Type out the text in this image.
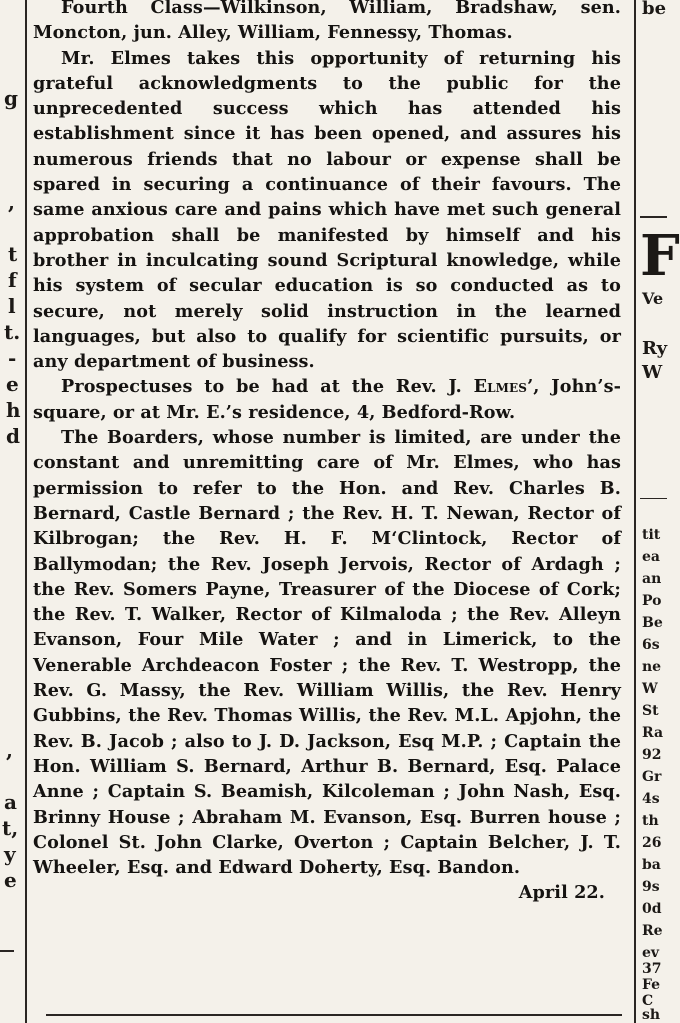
g
,
t
f
l
t.
-
e
h
d
,
a
t,
y
e

Fourth Class—Wilkinson, William, Bradshaw, sen. Moncton, jun. Alley, William, Fennessy, Thomas.

Mr. Elmes takes this opportunity of returning his grateful acknowledgments to the public for the unprecedented success which has attended his establishment since it has been opened, and assures his numerous friends that no labour or expense shall be spared in securing a continuance of their favours. The same anxious care and pains which have met such general approbation shall be manifested by himself and his brother in inculcating sound Scriptural knowledge, while his system of secular education is so conducted as to secure, not merely solid instruction in the learned languages, but also to qualify for scientific pursuits, or any department of business.

Prospectuses to be had at the Rev. J. Elmes’, John’s-square, or at Mr. E.’s residence, 4, Bedford-Row.

The Boarders, whose number is limited, are under the constant and unremitting care of Mr. Elmes, who has permission to refer to the Hon. and Rev. Charles B. Bernard, Castle Bernard ; the Rev. H. T. Newan, Rector of Kilbrogan; the Rev. H. F. M‘Clintock, Rector of Ballymodan; the Rev. Joseph Jervois, Rector of Ardagh ; the Rev. Somers Payne, Treasurer of the Diocese of Cork; the Rev. T. Walker, Rector of Kilmaloda ; the Rev. Alleyn Evanson, Four Mile Water ; and in Limerick, to the Venerable Archdeacon Foster ; the Rev. T. Westropp, the Rev. G. Massy, the Rev. William Willis, the Rev. Henry Gubbins, the Rev. Thomas Willis, the Rev. M.L. Apjohn, the Rev. B. Jacob ; also to J. D. Jackson, Esq M.P. ; Captain the Hon. William S. Bernard, Arthur B. Bernard, Esq. Palace Anne ; Captain S. Beamish, Kilcoleman ; John Nash, Esq. Brinny House ; Abraham M. Evanson, Esq. Burren house ; Colonel St. John Clarke, Overton ; Captain Belcher, J. T. Wheeler, Esq. and Edward Doherty, Esq. Bandon.

April 22.

be
F
Ve
Ry
W
tit
ea
an
Po
Be
6s
ne
W
St
Ra
92
Gr
4s
th
26
ba
9s
0d
Re
ev
37
Fe
C
sh
